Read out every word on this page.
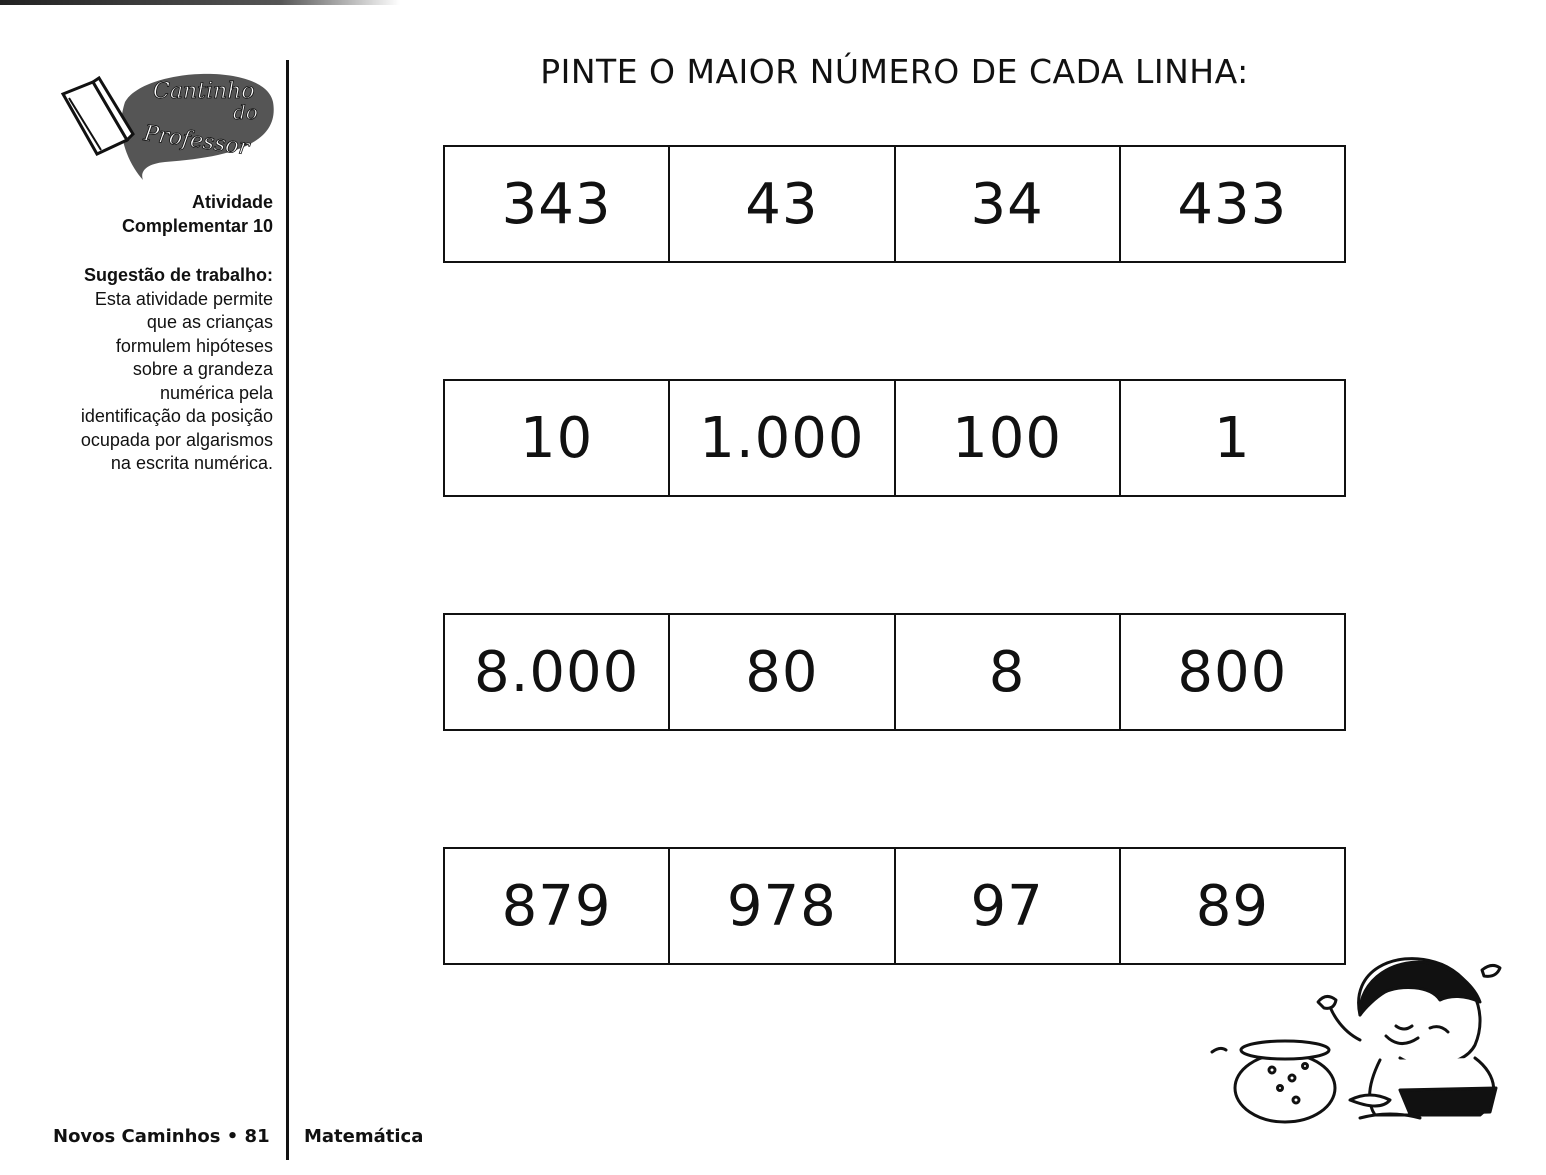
Cantinho
do
Professor
Atividade
Complementar 10
Sugestão de trabalho:
Esta atividade permite
que as crianças
formulem hipóteses
sobre a grandeza
numérica pela
identificação da posição
ocupada por algarismos
na escrita numérica.
PINTE O MAIOR NÚMERO DE CADA LINHA:
343	43	34	433
10	1.000	100	1
8.000	80	8	800
879	978	97	89
Novos Caminhos • 81 Matemática
